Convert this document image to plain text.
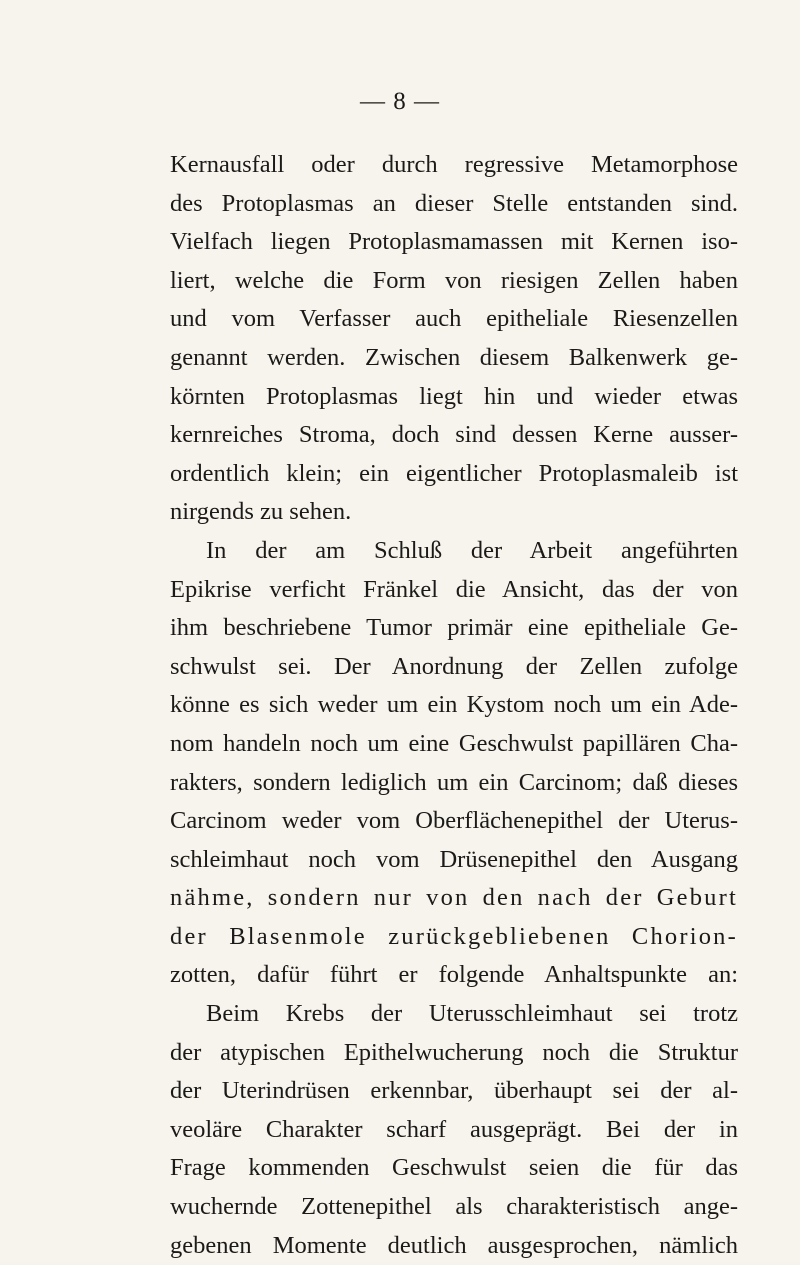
— 8 —
Kernausfall oder durch regressive Metamorphose
des Protoplasmas an dieser Stelle entstanden sind.
Vielfach liegen Protoplasmamassen mit Kernen iso-
liert, welche die Form von riesigen Zellen haben
und vom Verfasser auch epitheliale Riesenzellen
genannt werden. Zwischen diesem Balkenwerk ge-
körnten Protoplasmas liegt hin und wieder etwas
kernreiches Stroma, doch sind dessen Kerne ausser-
ordentlich klein; ein eigentlicher Protoplasmaleib ist
nirgends zu sehen.
In der am Schluß der Arbeit angeführten
Epikrise verficht Fränkel die Ansicht, das der von
ihm beschriebene Tumor primär eine epitheliale Ge-
schwulst sei. Der Anordnung der Zellen zufolge
könne es sich weder um ein Kystom noch um ein Ade-
nom handeln noch um eine Geschwulst papillären Cha-
rakters, sondern lediglich um ein Carcinom; daß dieses
Carcinom weder vom Oberflächenepithel der Uterus-
schleimhaut noch vom Drüsenepithel den Ausgang
nähme, sondern nur von den nach der Geburt
der Blasenmole zurückgebliebenen Chorion-
zotten, dafür führt er folgende Anhaltspunkte an:
Beim Krebs der Uterusschleimhaut sei trotz
der atypischen Epithelwucherung noch die Struktur
der Uterindrüsen erkennbar, überhaupt sei der al-
veoläre Charakter scharf ausgeprägt. Bei der in
Frage kommenden Geschwulst seien die für das
wuchernde Zottenepithel als charakteristisch ange-
gebenen Momente deutlich ausgesprochen, nämlich
